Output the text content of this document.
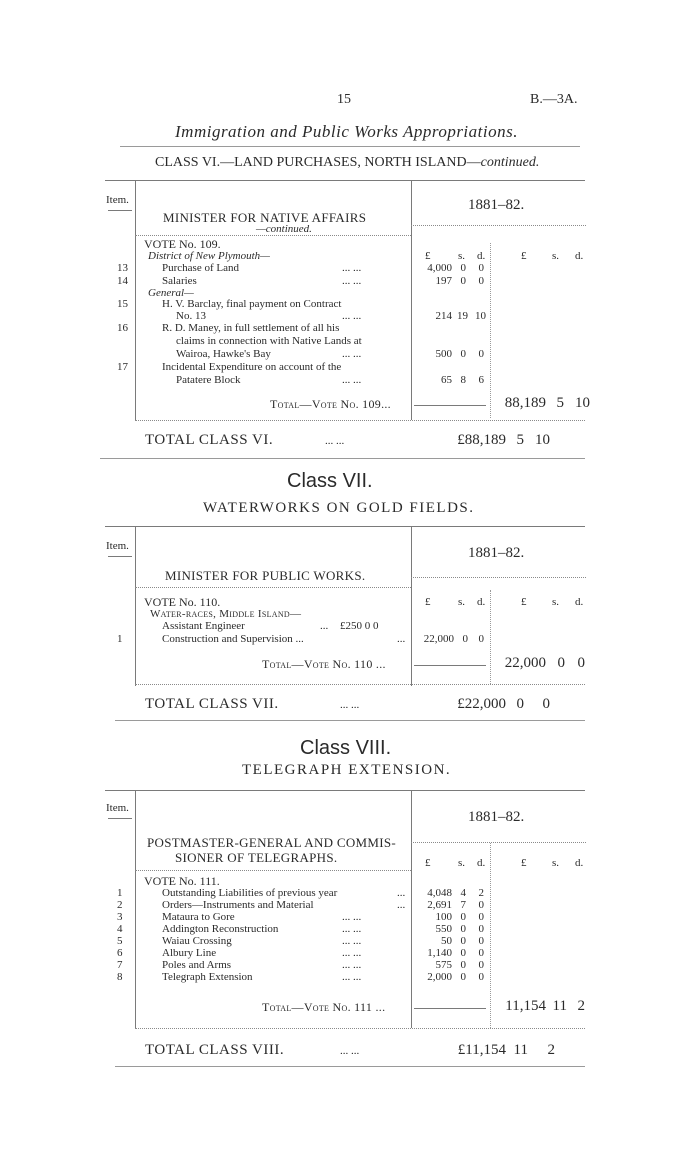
15	B.—3A.
Immigration and Public Works Appropriations.
CLASS VI.—LAND PURCHASES, NORTH ISLAND—continued.
Item.	1881–82.
MINISTER FOR NATIVE AFFAIRS
—continued.
VOTE No. 109.
£	s. d.	£ s. d.
District of New Plymouth—
13	Purchase of Land	... ...	4,000 0	0
14	Salaries	... ...	197 0	0
General—
15	H. V. Barclay, final payment on Contract
No. 13	... ...	214 19 10
16	R. D. Maney, in full settlement of all his
claims in connection with Native Lands at
Wairoa, Hawke's Bay	... ...	500 0	0
17	Incidental Expenditure on account of the
Patatere Block	... ...	65 8	6
Total—Vote No. 109...	88,189 5 10
TOTAL CLASS VI.	... ...	£88,189 5 10
Class VII.
WATERWORKS ON GOLD FIELDS.
Item.	1881–82.
MINISTER FOR PUBLIC WORKS.
£	s. d.	£ s. d.
VOTE No. 110.
Water-races, Middle Island—
Assistant Engineer	... £250 0 0
1	Construction and Supervision ...	...	22,000 0 0
Total—Vote No. 110 ...	22,000 0 0
TOTAL CLASS VII.	... ...	£22,000 0 0
Class VIII.
TELEGRAPH EXTENSION.
Item.
1881–82.
POSTMASTER-GENERAL AND COMMIS-
SIONER OF TELEGRAPHS.	£	s. d.	£ s. d.
VOTE No. 111.
1	Outstanding Liabilities of previous year	...	4,048 4	2
2	Orders—Instruments and Material	...	2,691 7	0
3	Mataura to Gore	... ...	100 0	0
4	Addington Reconstruction	... ...	550 0	0
5	Waiau Crossing	... ...	50 0	0
6	Albury Line	... ...	1,140 0	0
7	Poles and Arms	... ...	575 0	0
8	Telegraph Extension	... ...	2,000 0	0
Total—Vote No. 111 ...	11,154 11 2
TOTAL CLASS VIII.	... ...	£11,154 11 2
